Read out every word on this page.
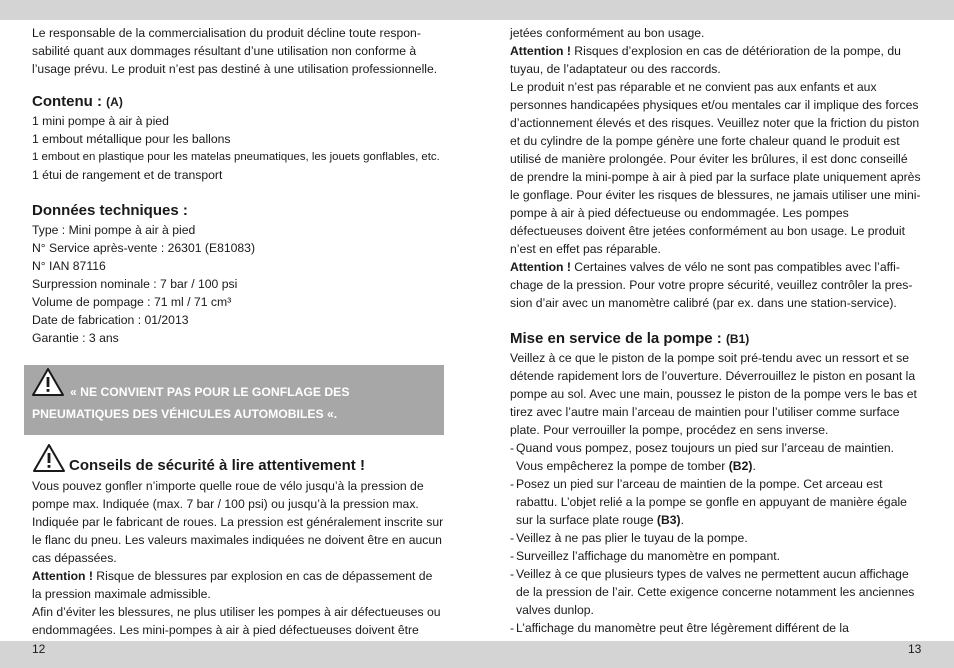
Le responsable de la commercialisation du produit décline toute respon-sabilité quant aux dommages résultant d’une utilisation non conforme à l’usage prévu. Le produit n’est pas destiné à une utilisation professionnelle.

Contenu : (A)

1 mini pompe à air à pied
1 embout métallique pour les ballons
1 embout en plastique pour les matelas pneumatiques, les jouets gonflables, etc.
1 étui de rangement et de transport

Données techniques :

Type : Mini pompe à air à pied
N° Service après-vente : 26301 (E81083)
N° IAN 87116
Surpression nominale : 7 bar / 100 psi
Volume de pompage : 71 ml / 71 cm³
Date de fabrication : 01/2013
Garantie : 3 ans
« NE CONVIENT PAS POUR LE GONFLAGE DES
PNEUMATIQUES DES VÉHICULES AUTOMOBILES «.

Conseils de sécurité à lire attentivement !

Vous pouvez gonfler n’importe quelle roue de vélo jusqu’à la pression de pompe max. Indiquée (max. 7 bar / 100 psi) ou jusqu’à la pression max. Indiquée par le fabricant de roues. La pression est généralement inscrite sur le flanc du pneu. Les valeurs maximales indiquées ne doivent être en aucun cas dépassées.

Attention ! Risque de blessures par explosion en cas de dépassement de la pression maximale admissible.

Afin d’éviter les blessures, ne plus utiliser les pompes à air défectueuses ou endommagées. Les mini-pompes à air à pied défectueuses doivent être

jetées conformément au bon usage.

Attention ! Risques d’explosion en cas de détérioration de la pompe, du tuyau, de l’adaptateur ou des raccords.

Le produit n’est pas réparable et ne convient pas aux enfants et aux personnes handicapées physiques et/ou mentales car il implique des forces d’actionnement élevés et des risques. Veuillez noter que la friction du piston et du cylindre de la pompe génère une forte chaleur quand le produit est utilisé de manière prolongée. Pour éviter les brûlures, il est donc conseillé de prendre la mini-pompe à air à pied par la surface plate uniquement après le gonflage. Pour éviter les risques de blessures, ne jamais utiliser une mini-pompe à air à pied défectueuse ou endommagée. Les pompes défectueuses doivent être jetées conformément au bon usage. Le produit n’est en effet pas réparable.

Attention ! Certaines valves de vélo ne sont pas compatibles avec l’affi-chage de la pression. Pour votre propre sécurité, veuillez contrôler la pres-sion d’air avec un manomètre calibré (par ex. dans une station-service).

Mise en service de la pompe : (B1)

Veillez à ce que le piston de la pompe soit pré-tendu avec un ressort et se détende rapidement lors de l’ouverture. Déverrouillez le piston en posant la pompe au sol. Avec une main, poussez le piston de la pompe vers le bas et tirez avec l’autre main l’arceau de maintien pour l’utiliser comme surface plate. Pour verrouiller la pompe, procédez en sens inverse.

- Quand vous pompez, posez toujours un pied sur l’arceau de maintien. Vous empêcherez la pompe de tomber (B2).
- Posez un pied sur l’arceau de maintien de la pompe. Cet arceau est rabattu. L’objet relié a la pompe se gonfle en appuyant de manière égale sur la surface plate rouge (B3).
- Veillez à ne pas plier le tuyau de la pompe.
- Surveillez l’affichage du manomètre en pompant.
- Veillez à ce que plusieurs types de valves ne permettent aucun affichage de la pression de l’air. Cette exigence concerne notamment les anciennes valves dunlop.
- L’affichage du manomètre peut être légèrement différent de la
12	13
